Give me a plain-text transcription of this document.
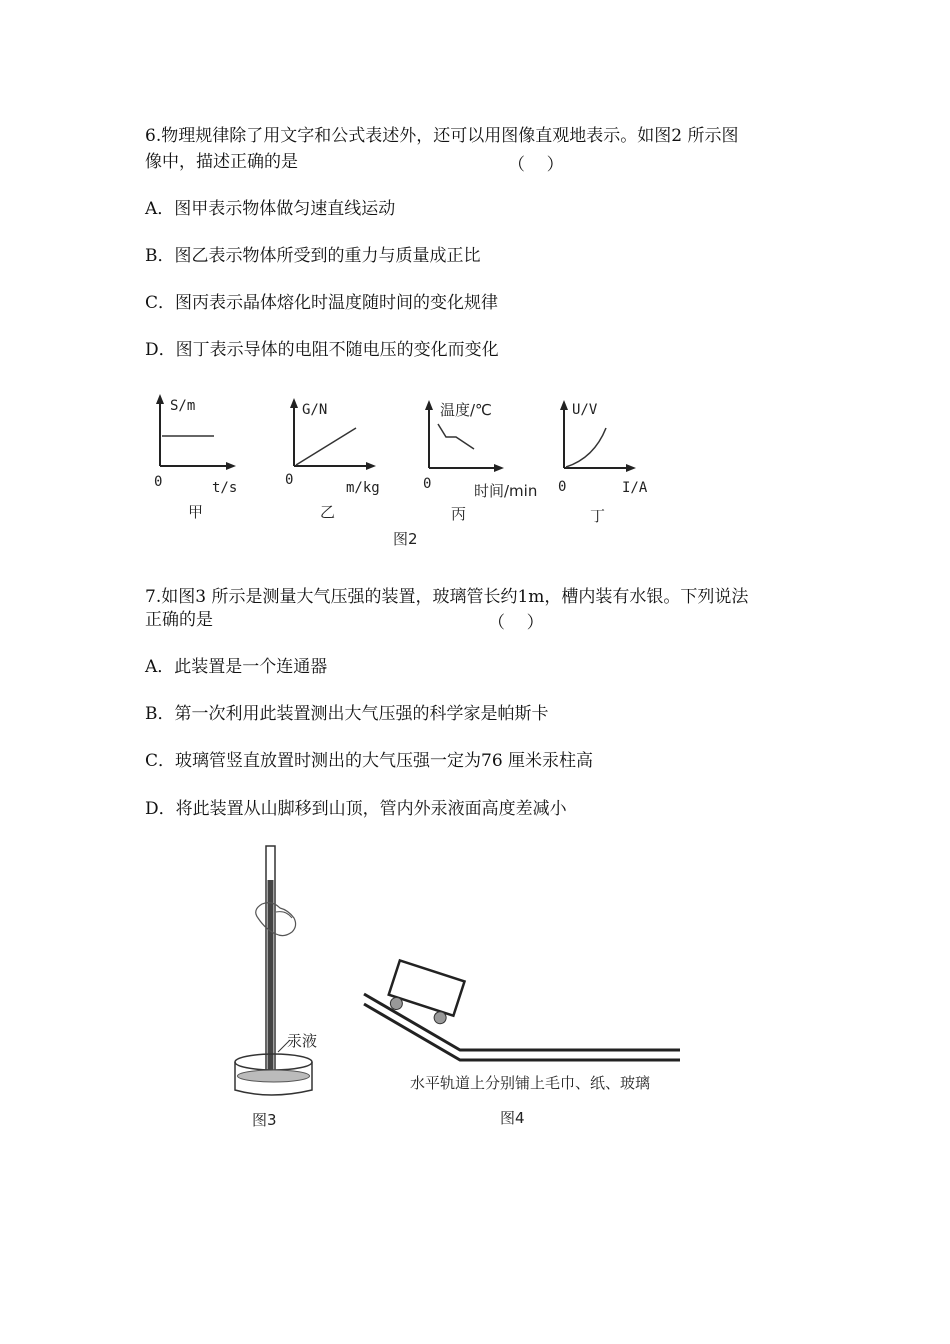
6.物理规律除了用文字和公式表述外，还可以用图像直观地表示。如图2 所示图
像中，描述正确的是	（    ）
A．图甲表示物体做匀速直线运动
B．图乙表示物体所受到的重力与质量成正比
C．图丙表示晶体熔化时温度随时间的变化规律
D．图丁表示导体的电阻不随电压的变化而变化
S/m
0	t/s
甲
G/N
0	m/kg
乙
温度/℃
0	时间/min
丙
U/V
0	I/A
丁
图2
7.如图3 所示是测量大气压强的装置，玻璃管长约1m，槽内装有水银。下列说法
正确的是	（    ）
A．此装置是一个连通器
B．第一次利用此装置测出大气压强的科学家是帕斯卡
C．玻璃管竖直放置时测出的大气压强一定为76 厘米汞柱高
D．将此装置从山脚移到山顶，管内外汞液面高度差减小
汞液
图3
水平轨道上分别铺上毛巾、纸、玻璃
图4
